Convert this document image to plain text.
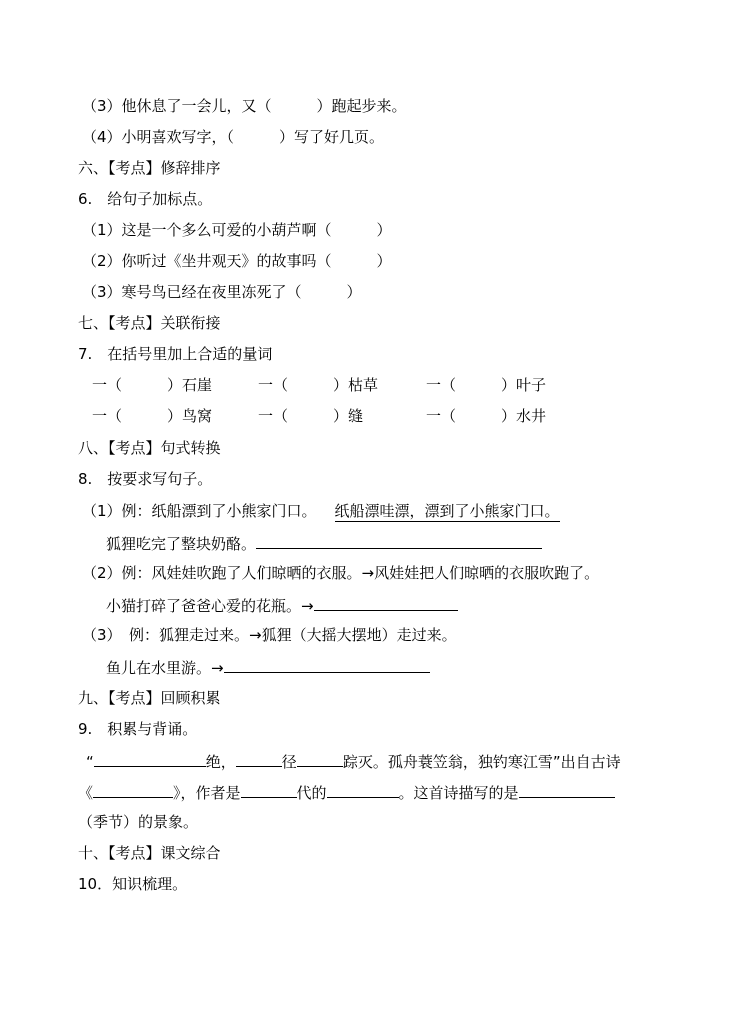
（3）他休息了一会儿，又（　　　）跑起步来。
（4）小明喜欢写字，（　　　）写了好几页。
六、【考点】修辞排序
6.　给句子加标点。
（1）这是一个多么可爱的小葫芦啊（　　　）
（2）你听过《坐井观天》的故事吗（　　　）
（3）寒号鸟已经在夜里冻死了（　　　）
七、【考点】关联衔接
7.　在括号里加上合适的量词
一（　　　）石崖	一（　　　）枯草	一（　　　）叶子
一（　　　）鸟窝	一（　　　）缝	一（　　　）水井
八、【考点】句式转换
8.　按要求写句子。
（1）例：纸船漂到了小熊家门口。 纸船漂哇漂，漂到了小熊家门口。
狐狸吃完了整块奶酪。
（2）例：风娃娃吹跑了人们晾晒的衣服。→风娃娃把人们晾晒的衣服吹跑了。
小猫打碎了爸爸心爱的花瓶。→
（3）　例：狐狸走过来。→狐狸（大摇大摆地）走过来。
鱼儿在水里游。→
九、【考点】回顾积累
9.　积累与背诵。
“	绝，	径	踪灭。孤舟蓑笠翁，独钓寒江雪”出自古诗
《	》，作者是	代的	。这首诗描写的是
（季节）的景象。
十、【考点】课文综合
10．知识梳理。
